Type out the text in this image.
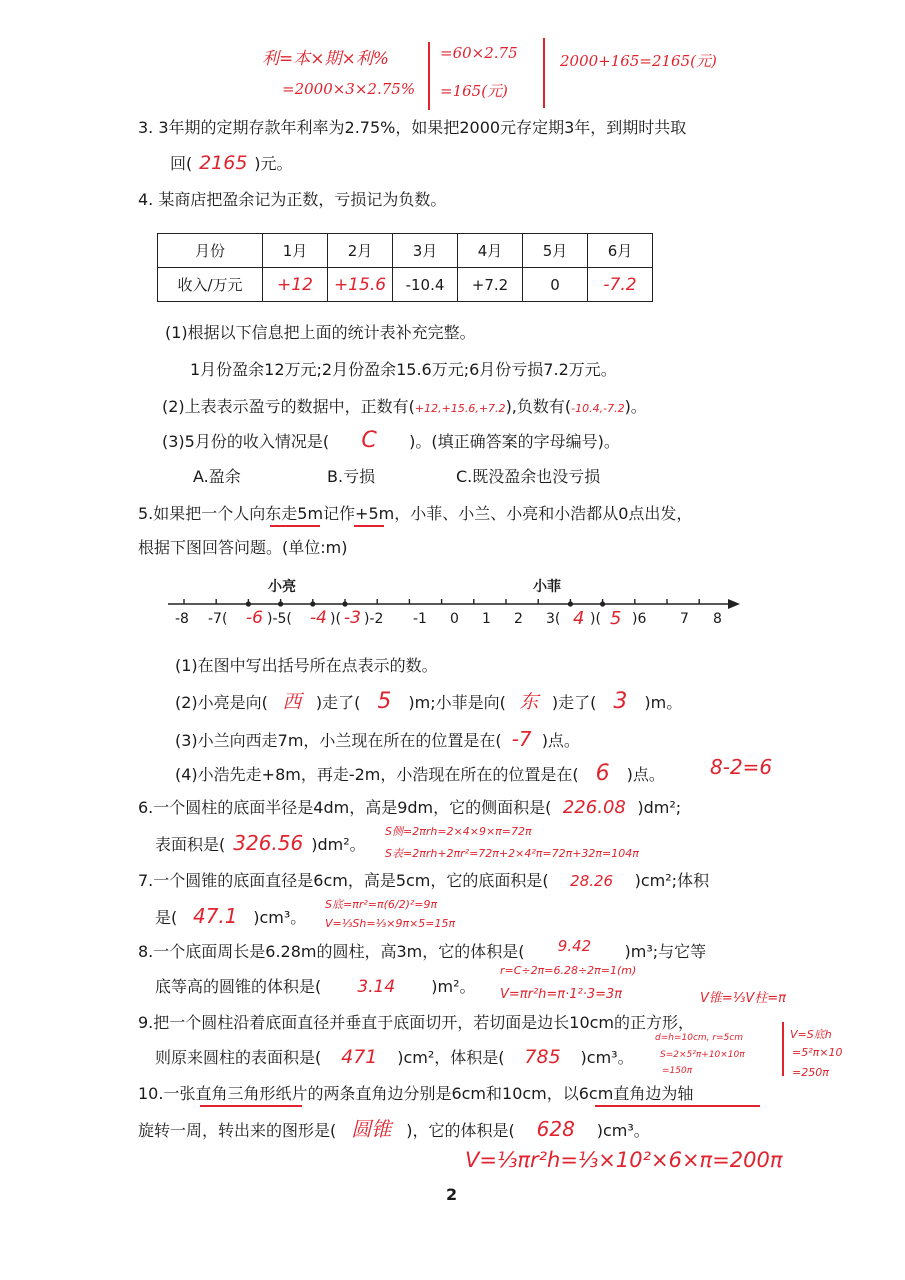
利=本×期×利%
=2000×3×2.75%
=60×2.75
=165(元)
2000+165=2165(元)
3. 3年期的定期存款年利率为2.75%，如果把2000元存定期3年，到期时共取
回( 2165 )元。
4. 某商店把盈余记为正数，亏损记为负数。
月份	1月	2月	3月	4月	5月	6月
收入/万元	+12	+15.6	-10.4	+7.2	0	-7.2
(1)根据以下信息把上面的统计表补充完整。
1月份盈余12万元;2月份盈余15.6万元;6月份亏损7.2万元。
(2)上表表示盈亏的数据中，正数有(+12,+15.6,+7.2),负数有(-10.4,-7.2)。
(3)5月份的收入情况是( C )。(填正确答案的字母编号)。
A.盈余	B.亏损	C.既没盈余也没亏损
5.如果把一个人向东走5m记作+5m，小菲、小兰、小亮和小浩都从0点出发，
根据下图回答问题。(单位:m)
小亮	小菲
-8 -7( -6 )-5( -4 )( -3 )-2 -1 0 1 2 3( 4 )( 5 )6 7 8
(1)在图中写出括号所在点表示的数。
(2)小亮是向( 西 )走了( 5 )m;小菲是向( 东 )走了( 3 )m。
(3)小兰向西走7m，小兰现在所在的位置是在( -7 )点。
(4)小浩先走+8m，再走-2m，小浩现在所在的位置是在( 6 )点。 8-2=6
6.一个圆柱的底面半径是4dm，高是9dm，它的侧面积是( 226.08 )dm²;
表面积是( 326.56 )dm²。
S侧=2πrh=2×4×9×π=72π
S表=2πrh+2πr²=72π+2×4²π=72π+32π=104π
7.一个圆锥的底面直径是6cm，高是5cm，它的底面积是( 28.26 )cm²;体积
是( 47.1 )cm³。
S底=πr²=π(6/2)²=9π
V=⅓Sh=⅓×9π×5=15π
8.一个底面周长是6.28m的圆柱，高3m，它的体积是( 9.42 )m³;与它等
底等高的圆锥的体积是( 3.14 )m²。
r=C÷2π=6.28÷2π=1(m)
V=πr²h=π·1²·3=3π	V锥=⅓V柱=π
9.把一个圆柱沿着底面直径并垂直于底面切开，若切面是边长10cm的正方形，
则原来圆柱的表面积是( 471 )cm²，体积是( 785 )cm³。
d=h=10cm, r=5cm
S=2×5²π+10×10π
=150π
V=S底h
=5²π×10
=250π
10.一张直角三角形纸片的两条直角边分别是6cm和10cm，以6cm直角边为轴
旋转一周，转出来的图形是( 圆锥 )，它的体积是( 628 )cm³。
V=⅓πr²h=⅓×10²×6×π=200π
2
